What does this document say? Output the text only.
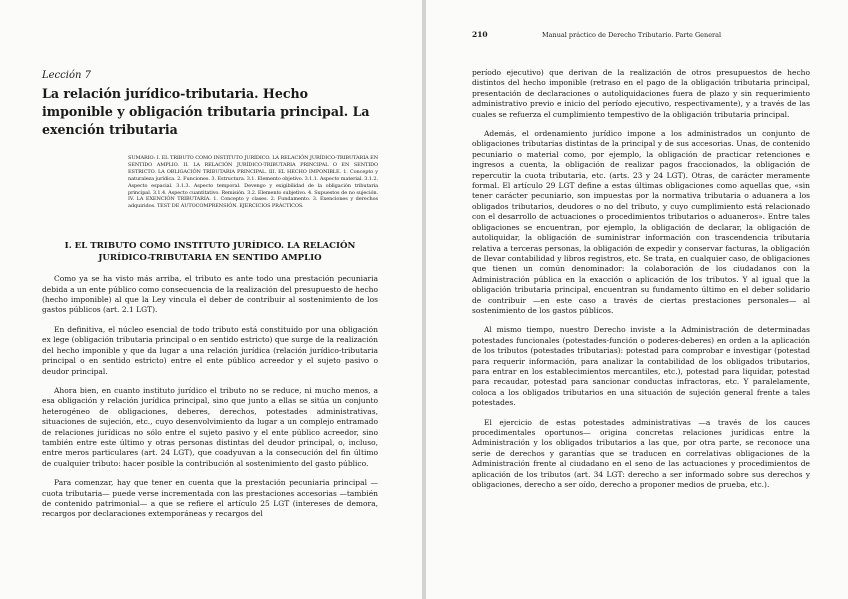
Lección 7
La relación jurídico-tributaria. Hecho imponible y obligación tributaria principal. La exención tributaria
SUMARIO: I. EL TRIBUTO COMO INSTITUTO JURÍDICO. LA RELACIÓN JURÍDICO-TRIBUTARIA EN SENTIDO AMPLIO. II. LA RELACIÓN JURÍDICO-TRIBUTARIA PRINCIPAL O EN SENTIDO ESTRICTO. LA OBLIGACIÓN TRIBUTARIA PRINCIPAL. III. EL HECHO IMPONIBLE. 1. Concepto y naturaleza jurídica. 2. Funciones. 3. Estructura. 3.1. Elemento objetivo. 3.1.1. Aspecto material. 3.1.2. Aspecto espacial. 3.1.3. Aspecto temporal. Devengo y exigibilidad de la obligación tributaria principal. 3.1.4. Aspecto cuantitativo. Remisión. 3.2. Elemento subjetivo. 4. Supuestos de no sujeción. IV. LA EXENCIÓN TRIBUTARIA. 1. Concepto y clases. 2. Fundamento. 3. Exenciones y derechos adquiridos. TEST DE AUTOCOMPRENSIÓN. EJERCICIOS PRÁCTICOS.
I. EL TRIBUTO COMO INSTITUTO JURÍDICO. LA RELACIÓN JURÍDICO-TRIBUTARIA EN SENTIDO AMPLIO

Como ya se ha visto más arriba, el tributo es ante todo una prestación pecuniaria debida a un ente público como consecuencia de la realización del presupuesto de hecho (hecho imponible) al que la Ley vincula el deber de contribuir al sostenimiento de los gastos públicos (art. 2.1 LGT).

En definitiva, el núcleo esencial de todo tributo está constituido por una obligación ex lege (obligación tributaria principal o en sentido estricto) que surge de la realización del hecho imponible y que da lugar a una relación jurídica (relación jurídico-tributaria principal o en sentido estricto) entre el ente público acreedor y el sujeto pasivo o deudor principal.

Ahora bien, en cuanto instituto jurídico el tributo no se reduce, ni mucho menos, a esa obligación y relación jurídica principal, sino que junto a ellas se sitúa un conjunto heterogéneo de obligaciones, deberes, derechos, potestades administrativas, situaciones de sujeción, etc., cuyo desenvolvimiento da lugar a un complejo entramado de relaciones jurídicas no sólo entre el sujeto pasivo y el ente público acreedor, sino también entre este último y otras personas distintas del deudor principal, o, incluso, entre meros particulares (art. 24 LGT), que coadyuvan a la consecución del fin último de cualquier tributo: hacer posible la contribución al sostenimiento del gasto público.

Para comenzar, hay que tener en cuenta que la prestación pecuniaria principal —cuota tributaria— puede verse incrementada con las prestaciones accesorias —también de contenido patrimonial— a que se refiere el artículo 25 LGT (intereses de demora, recargos por declaraciones extemporáneas y recargos del

210	Manual práctico de Derecho Tributario. Parte General

período ejecutivo) que derivan de la realización de otros presupuestos de hecho distintos del hecho imponible (retraso en el pago de la obligación tributaria principal, presentación de declaraciones o autoliquidaciones fuera de plazo y sin requerimiento administrativo previo e inicio del período ejecutivo, respectivamente), y a través de las cuales se refuerza el cumplimiento tempestivo de la obligación tributaria principal.

Además, el ordenamiento jurídico impone a los administrados un conjunto de obligaciones tributarias distintas de la principal y de sus accesorias. Unas, de contenido pecuniario o material como, por ejemplo, la obligación de practicar retenciones e ingresos a cuenta, la obligación de realizar pagos fraccionados, la obligación de repercutir la cuota tributaria, etc. (arts. 23 y 24 LGT). Otras, de carácter meramente formal. El artículo 29 LGT define a estas últimas obligaciones como aquellas que, «sin tener carácter pecuniario, son impuestas por la normativa tributaria o aduanera a los obligados tributarios, deudores o no del tributo, y cuyo cumplimiento está relacionado con el desarrollo de actuaciones o procedimientos tributarios o aduaneros». Entre tales obligaciones se encuentran, por ejemplo, la obligación de declarar, la obligación de autoliquidar, la obligación de suministrar información con trascendencia tributaria relativa a terceras personas, la obligación de expedir y conservar facturas, la obligación de llevar contabilidad y libros registros, etc. Se trata, en cualquier caso, de obligaciones que tienen un común denominador: la colaboración de los ciudadanos con la Administración pública en la exacción o aplicación de los tributos. Y al igual que la obligación tributaria principal, encuentran su fundamento último en el deber solidario de contribuir —en este caso a través de ciertas prestaciones personales— al sostenimiento de los gastos públicos.

Al mismo tiempo, nuestro Derecho inviste a la Administración de determinadas potestades funcionales (potestades-función o poderes-deberes) en orden a la aplicación de los tributos (potestades tributarias): potestad para comprobar e investigar (potestad para requerir información, para analizar la contabilidad de los obligados tributarios, para entrar en los establecimientos mercantiles, etc.), potestad para liquidar, potestad para recaudar, potestad para sancionar conductas infractoras, etc. Y paralelamente, coloca a los obligados tributarios en una situación de sujeción general frente a tales potestades.

El ejercicio de estas potestades administrativas —a través de los cauces procedimentales oportunos— origina concretas relaciones jurídicas entre la Administración y los obligados tributarios a las que, por otra parte, se reconoce una serie de derechos y garantías que se traducen en correlativas obligaciones de la Administración frente al ciudadano en el seno de las actuaciones y procedimientos de aplicación de los tributos (art. 34 LGT: derecho a ser informado sobre sus derechos y obligaciones, derecho a ser oído, derecho a proponer medios de prueba, etc.).
